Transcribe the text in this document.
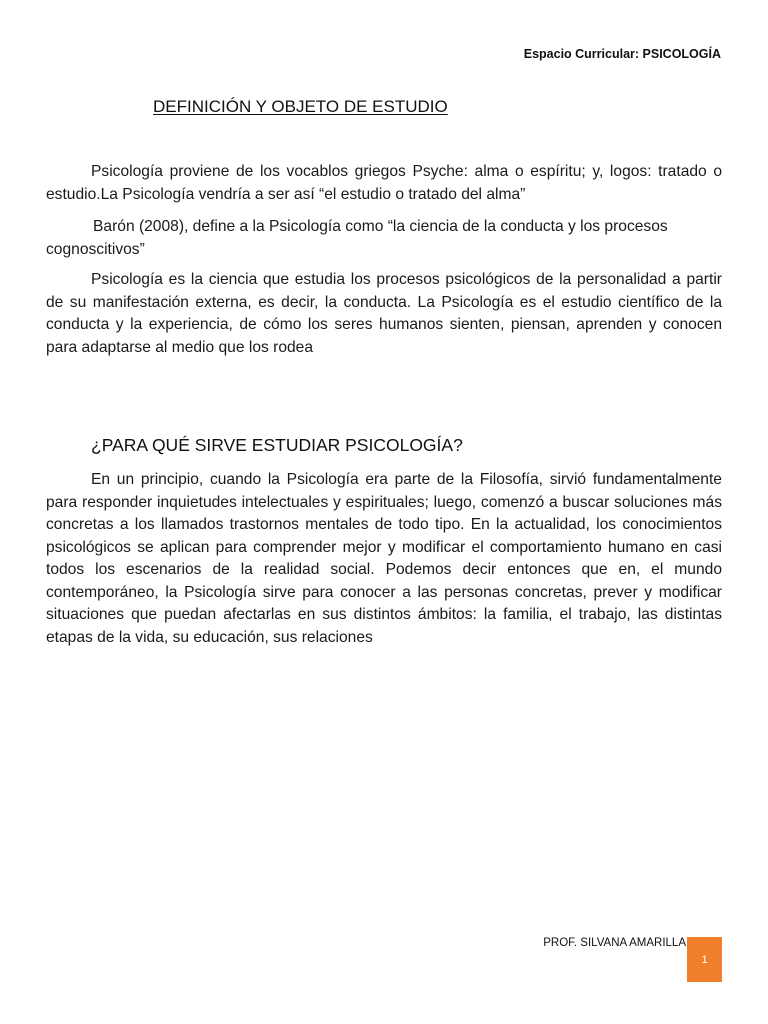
Espacio Curricular: PSICOLOGÍA
DEFINICIÓN Y OBJETO DE ESTUDIO

Psicología proviene de los vocablos griegos Psyche: alma o espíritu; y, logos: tratado o estudio.La Psicología vendría a ser así “el estudio o tratado del alma”

Barón (2008), define a la Psicología como “la ciencia de la conducta y los procesos cognoscitivos”

Psicología es la ciencia que estudia los procesos psicológicos de la personalidad a partir de su manifestación externa, es decir, la conducta. La Psicología es el estudio científico de la conducta y la experiencia, de cómo los seres humanos sienten, piensan, aprenden y conocen para adaptarse al medio que los rodea

¿PARA QUÉ SIRVE ESTUDIAR PSICOLOGÍA?

En un principio, cuando la Psicología era parte de la Filosofía, sirvió fundamentalmente para responder inquietudes intelectuales y espirituales; luego, comenzó a buscar soluciones más concretas a los llamados trastornos mentales de todo tipo. En la actualidad, los conocimientos psicológicos se aplican para comprender mejor y modificar el comportamiento humano en casi todos los escenarios de la realidad social. Podemos decir entonces que en, el mundo contemporáneo, la Psicología sirve para conocer a las personas concretas, prever y modificar situaciones que puedan afectarlas en sus distintos ámbitos: la familia, el trabajo, las distintas etapas de la vida, su educación, sus relaciones

PROF. SILVANA AMARILLA
1
